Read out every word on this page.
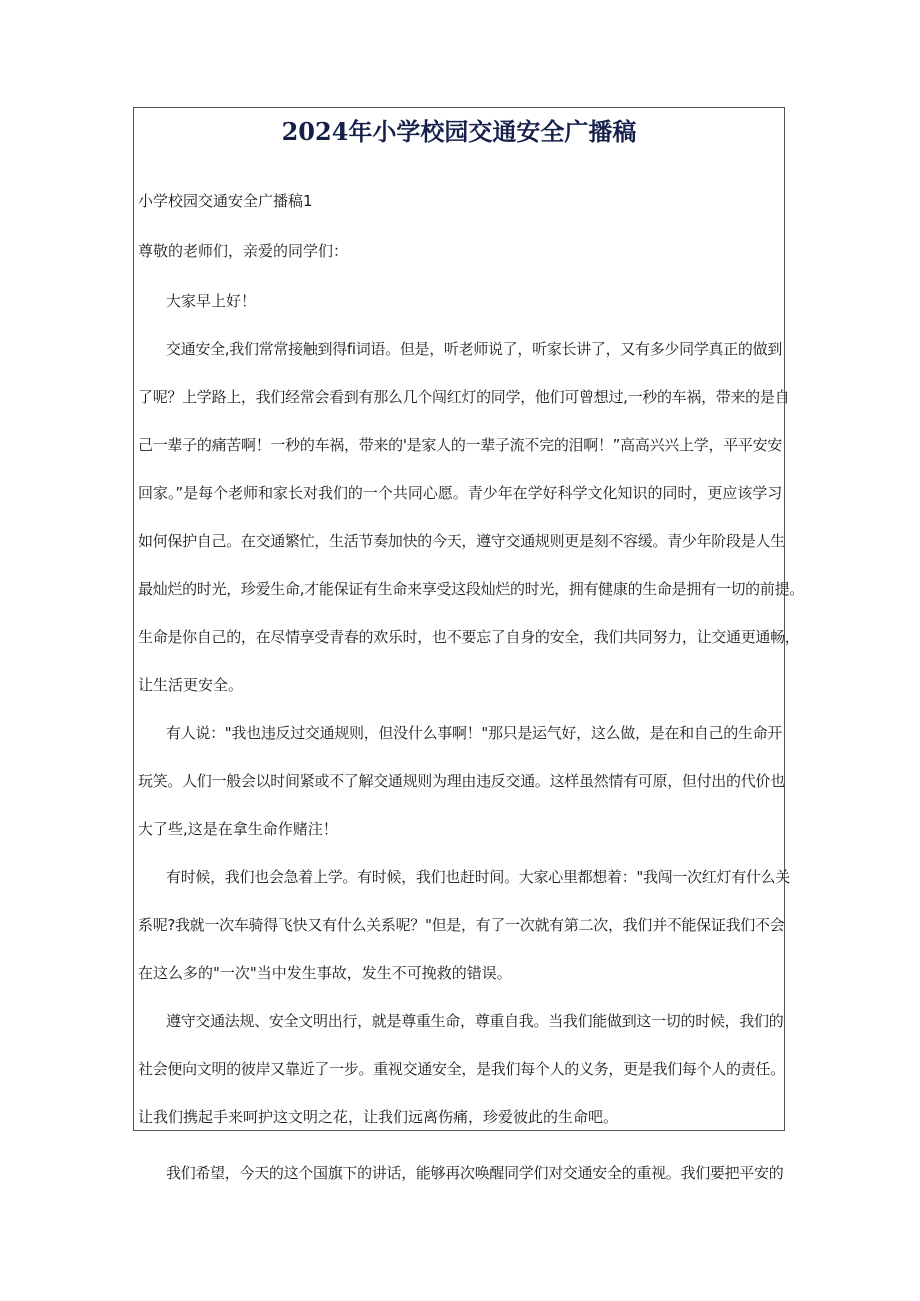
2024年小学校园交通安全广播稿

小学校园交通安全广播稿1

尊敬的老师们，亲爱的同学们：

大家早上好！

交通安全,我们常常接触到得fi词语。但是，听老师说了，听家长讲了，又有多少同学真正的做到

了呢？上学路上，我们经常会看到有那么几个闯红灯的同学，他们可曾想过,一秒的车祸，带来的是自

己一辈子的痛苦啊！一秒的车祸，带来的'是家人的一辈子流不完的泪啊！”高高兴兴上学，平平安安

回家。”是每个老师和家长对我们的一个共同心愿。青少年在学好科学文化知识的同时，更应该学习

如何保护自己。在交通繁忙，生活节奏加快的今天，遵守交通规则更是刻不容缓。青少年阶段是人生

最灿烂的时光，珍爱生命,才能保证有生命来享受这段灿烂的时光，拥有健康的生命是拥有一切的前提。

生命是你自己的，在尽情享受青春的欢乐时，也不要忘了自身的安全，我们共同努力，让交通更通畅，

让生活更安全。

有人说："我也违反过交通规则，但没什么事啊！"那只是运气好，这么做，是在和自己的生命开

玩笑。人们一般会以时间紧或不了解交通规则为理由违反交通。这样虽然情有可原，但付出的代价也

大了些,这是在拿生命作赌注！

有时候，我们也会急着上学。有时候，我们也赶时间。大家心里都想着："我闯一次红灯有什么关

系呢?我就一次车骑得飞快又有什么关系呢？"但是，有了一次就有第二次，我们并不能保证我们不会

在这么多的"一次"当中发生事故，发生不可挽救的错误。

遵守交通法规、安全文明出行，就是尊重生命，尊重自我。当我们能做到这一切的时候，我们的

社会便向文明的彼岸又靠近了一步。重视交通安全，是我们每个人的义务，更是我们每个人的责任。

让我们携起手来呵护这文明之花，让我们远离伤痛，珍爱彼此的生命吧。

我们希望，今天的这个国旗下的讲话，能够再次唤醒同学们对交通安全的重视。我们要把平安的
